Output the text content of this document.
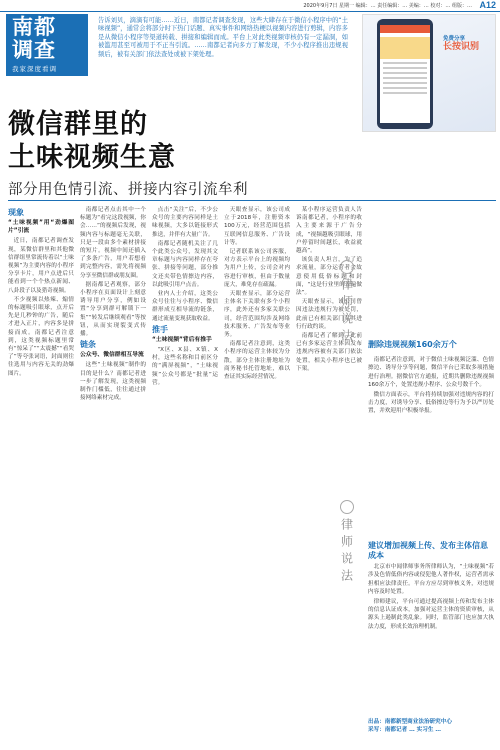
2020年9月7日 星期一 编辑：… 责任编辑：… 美编：… 校对：… 组版：… A12
南都
调查
我家深度看调
告诉刘贝，滴滴有可能……近日，南都记者调查发现，这些大肆存在于微信小程序中的“土味视频”，通常会将部分时下热门话题、真实事件和网络热梗以视频内容进行剪辑，内容多是从微信小程序等渠道转载、拼接和编辑而成。平台上对此类视频审核仍有一定漏洞，如被滥用甚至可被用于不正当引流。……南都记者向多方了解发现，不少小程序推出违规视频后，被有关部门依法查处或被下架处理。
免费分享
长按识别
微信群里的
土味视频生意
部分用色情引流、拼接内容引流牟利
现象
“土味视频”用“劲爆图片”引流

近日，南都记者调查发现，某微信群里和其他微信群组里常流传着以“土味视频”为主要内容的小程序分享卡片，用户点进后只能看到一个个热点新闻、八卦段子以及猎奇视频。

不少视频以热辣、煽情的标题吸引眼球，点开后先是几秒钟的广告，随后才进入正片，内容多是拼接而成。南都记者注意到，这类视频标题里常有“惊呆了”“太震撼”“看哭了”等夸张词语，封面则往往选用与内容无关的劲爆图片。

南都记者点击其中一个标题为“看完这段视频，你会……”的视频后发现，视频内容与标题毫无关联，只是一段由多个素材拼接的短片。视频中间还插入了多条广告，用户若想看到完整内容，需先将视频分享至微信群或朋友圈。

据南都记者观察，部分小程序在页面设计上刻意诱导用户分享，例如设置“分享到群可解锁下一集”“转发后继续观看”等按钮，从而实现裂变式传播。

链条
公众号、微信群相互导流

这些“土味视频”制作的目的是什么？南都记者进一步了解发现，这类视频制作门槛低，往往通过拼接网络素材完成。

点击“关注”后，不少公众号的主要内容同样是土味视频，大多以链接形式推送，并伴有大量广告。

南都记者随机关注了几个此类公众号，发现其文章标题与内容同样存在夸张、拼接等问题，部分推文还夹带色情擦边内容，以此吸引用户点击。

业内人士介绍，这类公众号往往与小程序、微信群形成互相导流的链条，通过流量变现获取收益。

推手
“土味视频”背后有推手

“X区、X县、X镇、X村，这些名称和目前区分的“满屏视频”，“土味视频”公众号都是“批量”运营。

天眼查显示，该公司成立于2018年，注册资本100万元，经营范围包括互联网信息服务、广告设计等。

记者联系该公司客服，对方表示平台上的视频均为用户上传，公司会对内容进行审核，但由于数量庞大，难免存在疏漏。

天眼查显示，部分运营主体名下关联有多个小程序，此外还有多家关联公司，经营范围均涉及网络技术服务、广告发布等业务。

南都记者注意到，这类小程序的运营主体较为分散，部分主体注册地址为商务秘书托管地址，难以查证其实际经营情况。

某小程序运营负责人告诉南都记者，小程序的收入主要来源于广告分成，“视频越吸引眼球，用户停留时间越长，收益就越高”。

该负责人坦言，为了追求流量，部分运营者会故意使用低俗标题和封面，“这是行业里的普遍做法”。

天眼查显示，该公司曾因违法违规行为被处罚，此前已有相关部门对其进行行政约谈。

南都记者了解到，此前已有多家运营主体因发布违规内容被有关部门依法处置，相关小程序也已被下架。

律师说法
律师说法
删除违规视频160余万个

南都记者注意到，对于微信土味视频泛滥、色情擦边、诱导分享等问题，微信平台已采取多项措施进行治理。据微信官方通报，近期共删除违规视频160余万个，处置违规小程序、公众号数千个。

微信方面表示，平台将持续加强对违规内容的打击力度，对诱导分享、低俗擦边等行为予以严厉处置，并欢迎用户积极举报。

建议增加视频上传、发布主体信息成本

北京市中闻律师事务所律师认为，“土味视频”若涉及色情低俗内容或侵犯他人著作权，运营者需承担相应法律责任。平台方应尽到审核义务，对违规内容及时处置。

律师建议，平台可通过提高视频上传和发布主体的信息认证成本，加强对运营主体的资质审核，从源头上遏制此类乱象。同时，监管部门也应加大执法力度，形成长效治理机制。

出品：南都新型商业法治研究中心
采写：南都记者 … 实习生 …
